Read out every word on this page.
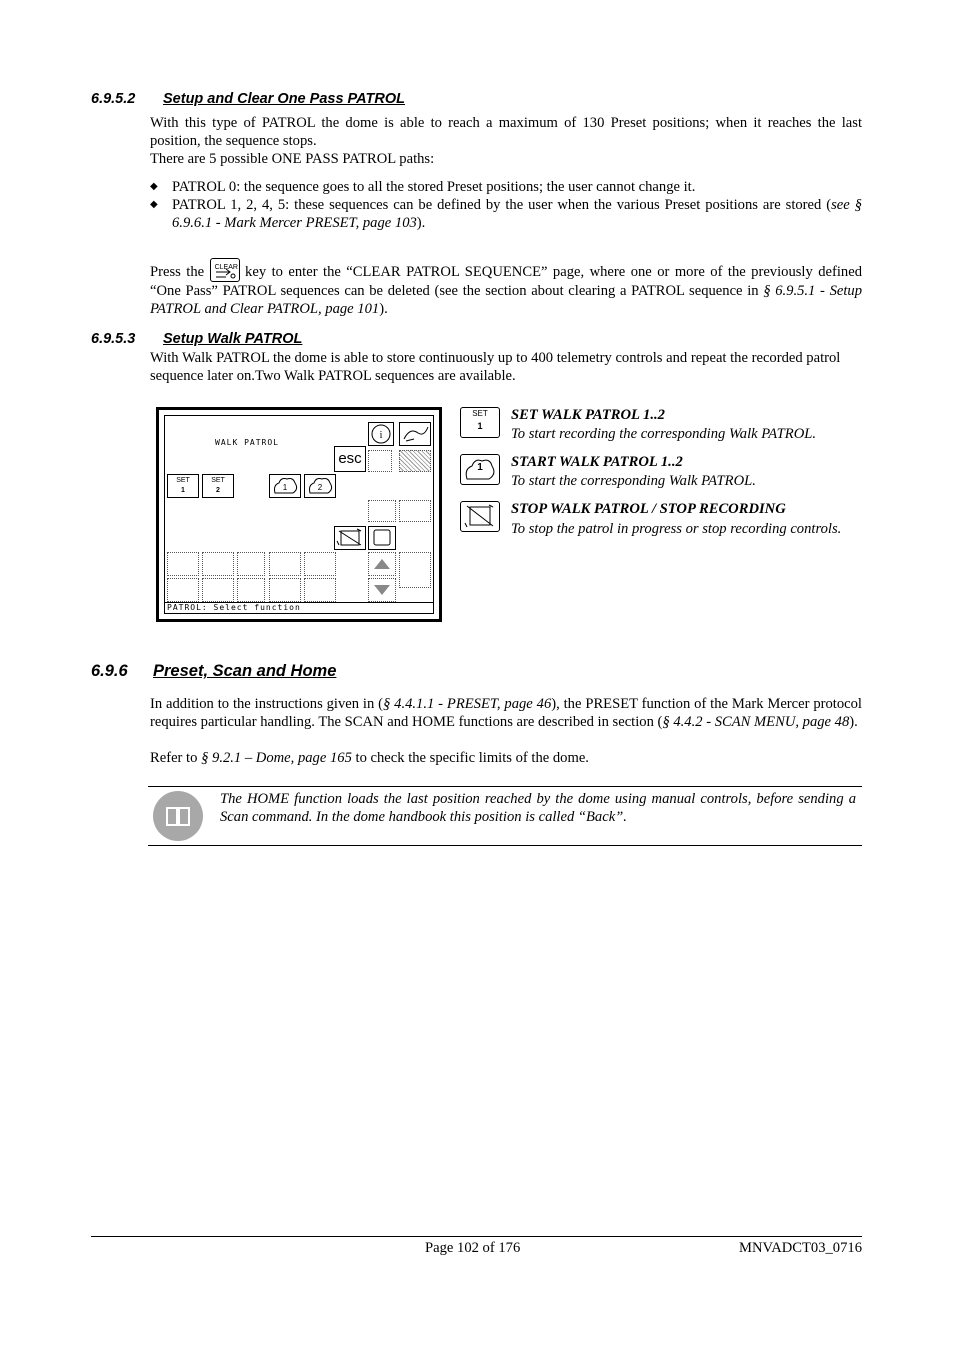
6.9.5.2 Setup and Clear One Pass PATROL
With this type of PATROL the dome is able to reach a maximum of 130 Preset positions; when it reaches the last position, the sequence stops.
There are 5 possible ONE PASS PATROL paths:
◆ PATROL 0: the sequence goes to all the stored Preset positions; the user cannot change it.
◆ PATROL 1, 2, 4, 5: these sequences can be defined by the user when the various Preset positions are stored (see § 6.9.6.1 - Mark Mercer PRESET, page 103).
Press the CLEAR key to enter the “CLEAR PATROL SEQUENCE” page, where one or more of the previously defined “One Pass” PATROL sequences can be deleted (see the section about clearing a PATROL sequence in § 6.9.5.1 - Setup PATROL and Clear PATROL, page 101).
6.9.5.3 Setup Walk PATROL
With Walk PATROL the dome is able to store continuously up to 400 telemetry controls and repeat the recorded patrol sequence later on.Two Walk PATROL sequences are available.
WALK PATROL
i
esc
SET
1
SET
2	1	2
PATROL: Select function
SET
1
SET WALK PATROL 1..2
To start recording the corresponding Walk PATROL.
1	START WALK PATROL 1..2
To start the corresponding Walk PATROL.
STOP WALK PATROL / STOP RECORDING
To stop the patrol in progress or stop recording controls.
6.9.6 Preset, Scan and Home
In addition to the instructions given in (§ 4.4.1.1 - PRESET, page 46), the PRESET function of the Mark Mercer protocol requires particular handling. The SCAN and HOME functions are described in section (§ 4.4.2 - SCAN MENU, page 48).
Refer to § 9.2.1 – Dome, page 165 to check the specific limits of the dome.
The HOME function loads the last position reached by the dome using manual controls, before sending a Scan command. In the dome handbook this position is called “Back”.
Page 102 of 176	MNVADCT03_0716
